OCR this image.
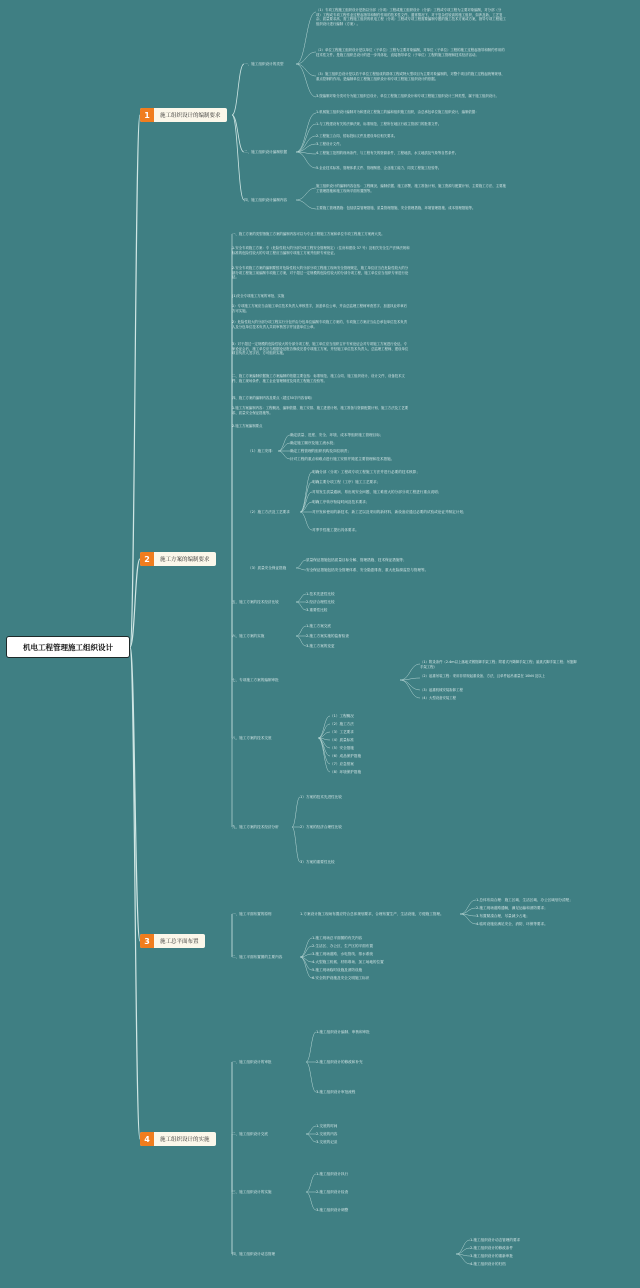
机电工程管理施工组织设计
1	施工组织设计的编制要求
2	施工方案的编制要求
3	施工总平面布置
4	施工组织设计的实施
一、施工组织设计的类型
（1）专项工程施工组织设计是指以分部（分项）工程或施工组织设计（分部）工程或专项工程为主要对象编制，对分部（分项）工程或专项工程作业过程起指导和制约作用的技术性文件。通常情况下，对于复杂性较高的施工组织，如涉及新、工艺复杂、质量要求高，需工程施工组织的机电工程（分项）工程或专项工程需要编制专题的施工技术方案或方案，指导专项工程施工组织设计进行编制（方案）。
（2）单位工程施工组织设计是以单位（子单位）工程为主要对象编制，对单位（子单位）工程的施工过程起指导和制约作用的技术性文件。是施工组织总设计的进一步具体化，直接指导单位（子单位）工程的施工管理和技术经济活动。
（3）施工组织总设计是以若干单位工程组成的群体工程或特大型项目为主要对象编制的，对整个项目的施工过程起统筹规划、重点控制的作用。是编制单位工程施工组织设计和专项工程施工组织设计的依据。
3.按编制对象分类可分为施工组织总设计、单位工程施工组织设计和专项工程施工组织设计三种类型，属于施工组织设计。
二、施工组织设计编制依据
1.机械施工组织设计编制对为和建设工程施工的编和组织施工组织，由总承包单位施工组织设计，编制依据：
1.与工程建设有关的法律法规、标准规范、工程所在地区行政主管部门的批准文件。
2.工程施工合同、招标投标文件及建设单位相关要求。
3.工程设计文件。
4.工程施工范围的现场条件，与工程有关的资源条件，工程地质、水文地质及气象等自然条件。
5.企业技术标准、管理体系文件、管理制度、企业施工能力、同类工程施工经验等。
四、施工组织设计编制内容
施工组织设计的编制内容包括：工程概况、编制依据、施工部署、施工准备计划、施工资源与配置计划、主要施工方法、主要施工管理措施和施工现场平面布置图等。
主要施工管理措施：包括质量管理措施、质量管理措施、安全管理措施、环境管理措施、成本管理措施等。
一、施工方案的类型指施工方案的编制内容可以为专业工程施工方案和单位专项工程施工方案两大类。
1.安全专项施工方案：专（危险性较大的分部分项工程安全管理规定）（住房和建设 37 号）及相关安全生产法律法规和标准的危险性较大的专项工程应当编制专项施工方案并组织专家论证。
2.安全专项施工方案的编制要按对危险性较大的分部分项工程施工现场安全管理规定，施工单位应当在危险性较大的分部分项工程施工前编制专项施工方案，对于超过一定规模的危险性较大的分部分项工程，施工单位应当组织专家进行论证。
(1)安全专项施工方案的审批、实施
1）专项施工方案应当由施工单位技术负责人审核签字，加盖单位公章，并由总监理工程师审查签字、加盖执业印章后方可实施。
2）危险性较大的分部分项工程实行分包并由分包单位编制专项施工方案的，专项施工方案应当由总承包单位技术负责人及分包单位技术负责人共同审核签字并加盖单位公章。
3）对于超过一定规模的危险性较大的分部分项工程，施工单位应当组织召开专家论证会对专项施工方案进行论证。专家论证会后，施工单位应当根据论证报告修改完善专项施工方案，并经施工单位技术负责人、总监理工程师、建设单位项目负责人签字后，方可组织实施。
二、施工方案编制依据施工方案编制的依据主要包括：标准规范、施工合同、施工组织设计、设计文件、设备技术文件、施工现场条件、施工企业管理制度及同类工程施工经验等。
四、施工方案的编制内容及要点（超过50字内容省略）
1.施工方案编制内容：工程概况、编制依据、施工安排、施工进度计划、施工准备与资源配置计划、施工方法及工艺要求、质量安全保证措施等。
2.施工方案编制要点
（1）施工安排：
确定质量、进度、安全、环境、成本等组织施工管理目标；
确定施工顺序及施工流水段；
确定工程管理的组织机构及岗位职责；
针对工程的重点和难点进行施工安排并简述主要管理和技术措施。
（2）施工方法及工艺要求
明确分部（分项）工程或专项工程施工方法并进行必要的技术核算；
明确主要分项工程（工序）施工工艺要求；
对易发生质量通病、易出现安全问题、施工难度大的分部分项工程进行重点说明；
明确工序转序衔接时间及技术要求；
对开发和使用的新技术、新工艺以及采用的新材料、新设备应通过必要的试验或论证并制定计划；
对季节性施工提出具体要求。
（3）质量安全保证措施
质量保证措施包括质量目标分解、管理措施、技术保证措施等；
安全保证措施包括安全管理体系、安全隐患排查、重大危险源监控与管理等。
五、施工方案的技术经济比较
1.技术先进性比较
2.经济合理性比较
3.重要性比较
六、施工方案的实施
1.施工方案交底
2.施工方案实施的监督检查
3.施工方案的变更
七、专项施工方案的编制审批
（1）附录条件（2.4m以上落地式钢管脚手架工程；附着式升降脚手架工程；悬挑式脚手架工程；吊篮脚手架工程）
（2）起重吊装工程：采用非常规起重设备、方法，且单件起吊重量在 10kN 及以上
（3）起重机械安装拆卸工程
（4）大型设备安装工程
八、施工方案的技术交底
（1）工程概况
（2）施工方法
（3）工艺要求
（4）质量标准
（5）安全措施
（6）成品保护措施
（7）应急预案
（8）环境保护措施
九、施工方案的技术经济分析
1）方案的技术先进性比较
2）方案的经济合理性比较
3）方案的重要性比较
一、施工平面布置的原则	1.方案设计施工现场布置应符合总体规划要求，合理布置生产、生活设施，方便施工管理。
1.总体布局合理：施工区域、生活区域、办公区域划分清楚；
2.施工现场道路通畅，满足运输和消防要求；
3.布置紧凑合理，尽量减少占地；
4.临时设施应满足安全、消防、环保等要求。
二、施工平面布置图的主要内容
1.施工现场总平面图的有关内容
2.生活区、办公区、生产区的平面布置
3.施工现场道路、水电管线、排水系统
4.大型施工机械、材料堆场、加工场地的位置
5.施工现场临时设施及消防设施
6.安全防护设施及安全文明施工标识
一、施工组织设计的审批
1.施工组织设计编制、审核和审批
2.施工组织设计的修改和补充
3.施工组织设计审批流程
二、施工组织设计交底
1.交底的时间
2.交底的内容
3.交底的记录
三、施工组织设计的实施
1.施工组织设计执行
2.施工组织设计检查
3.施工组织设计调整
四、施工组织设计动态管理
1.施工组织设计动态管理的要求
2.施工组织设计的修改条件
3.施工组织设计的重新审批
4.施工组织设计的归档
